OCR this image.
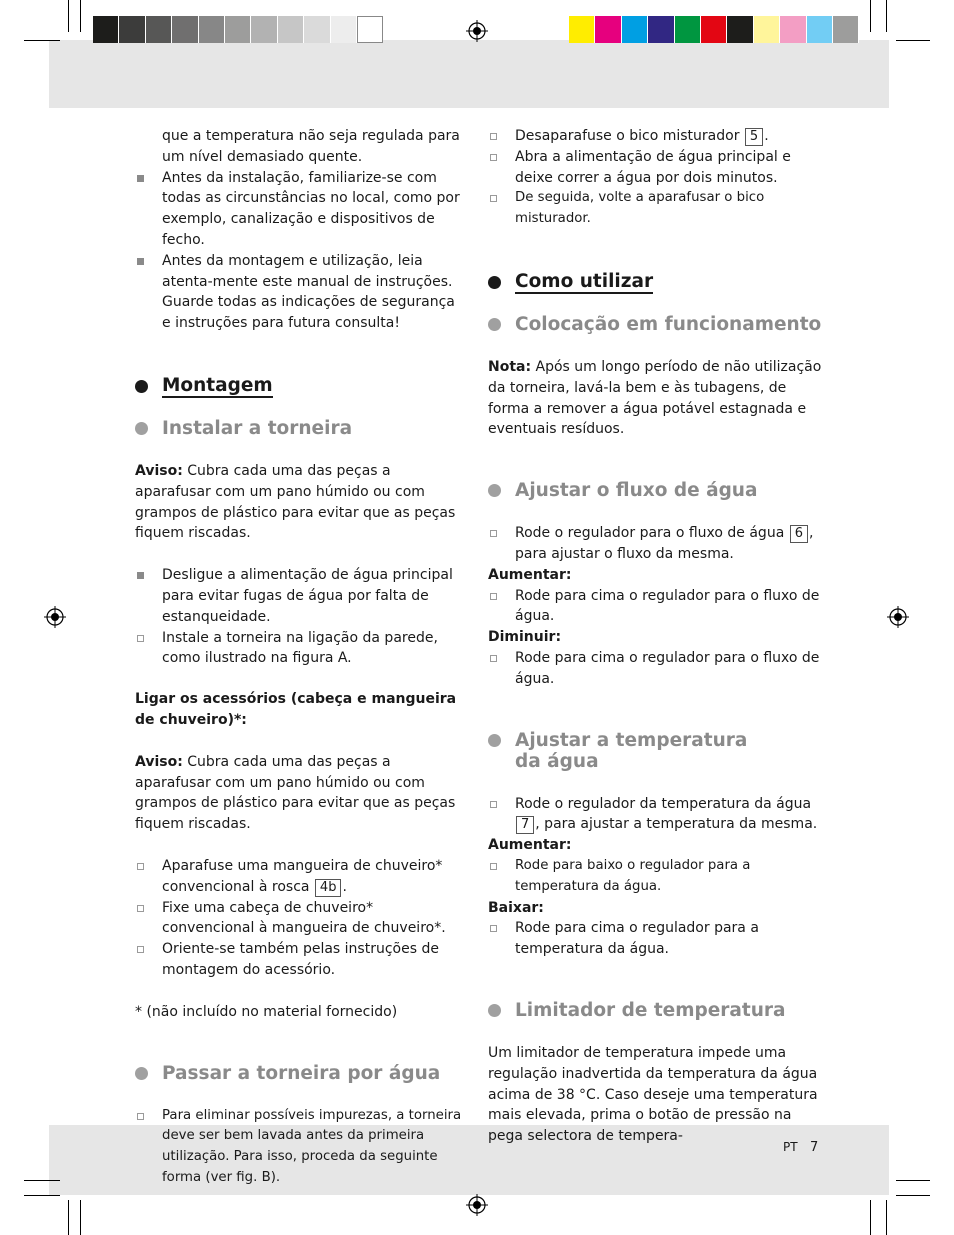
que a temperatura não seja regulada para um nível demasiado quente.
Antes da instalação, familiarize-se com todas as circunstâncias no local, como por exemplo, canalização e dispositivos de fecho.
Antes da montagem e utilização, leia atenta-mente este manual de instruções. Guarde todas as indicações de segurança e instruções para futura consulta!
Montagem
Instalar a torneira

Aviso: Cubra cada uma das peças a aparafusar com um pano húmido ou com grampos de plástico para evitar que as peças fiquem riscadas.

Desligue a alimentação de água principal para evitar fugas de água por falta de estanqueidade.
Instale a torneira na ligação da parede, como ilustrado na figura A.

Ligar os acessórios (cabeça e mangueira de chuveiro)*:

Aviso: Cubra cada uma das peças a aparafusar com um pano húmido ou com grampos de plástico para evitar que as peças fiquem riscadas.

Aparafuse uma mangueira de chuveiro* convencional à rosca 4b .
Fixe uma cabeça de chuveiro* convencional à mangueira de chuveiro*.
Oriente-se também pelas instruções de montagem do acessório.

* (não incluído no material fornecido)

Passar a torneira por água
Para eliminar possíveis impurezas, a torneira deve ser bem lavada antes da primeira utilização. Para isso, proceda da seguinte forma (ver fig. B).
Desaparafuse o bico misturador 5 .
Abra a alimentação de água principal e deixe correr a água por dois minutos.
De seguida, volte a aparafusar o bico misturador.
Como utilizar
Colocação em funcionamento

Nota: Após um longo período de não utilização da torneira, lavá-la bem e às tubagens, de forma a remover a água potável estagnada e eventuais resíduos.

Ajustar o fluxo de água
Rode o regulador para o fluxo de água 6 , para ajustar o fluxo da mesma.

Aumentar:

Rode para cima o regulador para o fluxo de água.

Diminuir:

Rode para cima o regulador para o fluxo de água.
Ajustar a temperatura
da água
Rode o regulador da temperatura da água 7 , para ajustar a temperatura da mesma.

Aumentar:

Rode para baixo o regulador para a temperatura da água.

Baixar:

Rode para cima o regulador para a temperatura da água.
Limitador de temperatura

Um limitador de temperatura impede uma regulação inadvertida da temperatura da água acima de 38 °C. Caso deseje uma temperatura mais elevada, prima o botão de pressão na pega selectora de tempera-

PT 7
